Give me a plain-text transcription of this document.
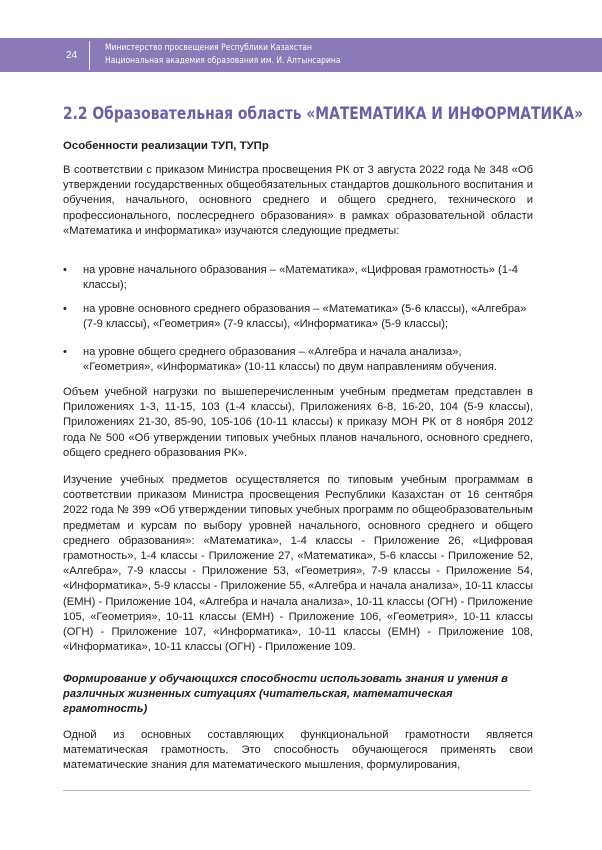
24
Министерство просвещения Республики Казахстан
Национальная академия образования им. И. Алтынсарина
2.2 Образовательная область «МАТЕМАТИКА И ИНФОРМАТИКА»
Особенности реализации ТУП, ТУПр

В соответствии с приказом Министра просвещения РК от 3 августа 2022 года № 348 «Об утверждении государственных общеобязательных стандартов дошкольного воспитания и обучения, начального, основного среднего и общего среднего, технического и профессионального, послесреднего образования» в рамках образовательной области «Математика и информатика» изучаются следующие предметы:

•	на уровне начального образования – «Математика», «Цифровая грамотность» (1-4 классы);

•	на уровне основного среднего образования – «Математика» (5-6 классы), «Алгебра» (7-9 классы), «Геометрия» (7-9 классы), «Информатика» (5-9 классы);

•	на уровне общего среднего образования – «Алгебра и начала анализа», «Геометрия», «Информатика» (10-11 классы) по двум направлениям обучения.

Объем учебной нагрузки по вышеперечисленным учебным предметам представлен в Приложениях 1-3, 11-15, 103 (1-4 классы), Приложениях 6-8, 16-20, 104 (5-9 классы), Приложениях 21-30, 85-90, 105-106 (10-11 классы) к приказу МОН РК от 8 ноября 2012 года № 500 «Об утверждении типовых учебных планов начального, основного среднего, общего среднего образования РК».

Изучение учебных предметов осуществляется по типовым учебным программам в соответствии приказом Министра просвещения Республики Казахстан от 16 сентября 2022 года № 399 «Об утверждении типовых учебных программ по общеобразовательным предметам и курсам по выбору уровней начального, основного среднего и общего среднего образования»: «Математика», 1-4 классы - Приложение 26, «Цифровая грамотность», 1-4 классы - Приложение 27, «Математика», 5-6 классы - Приложение 52, «Алгебра», 7-9 классы - Приложение 53, «Геометрия», 7-9 классы - Приложение 54, «Информатика», 5-9 классы - Приложение 55, «Алгебра и начала анализа», 10-11 классы (ЕМН) - Приложение 104, «Алгебра и начала анализа», 10-11 классы (ОГН) - Приложение 105, «Геометрия», 10-11 классы (ЕМН) - Приложение 106, «Геометрия», 10-11 классы (ОГН) - Приложение 107, «Информатика», 10-11 классы (ЕМН) - Приложение 108, «Информатика», 10-11 классы (ОГН) - Приложение 109.

Формирование у обучающихся способности использовать знания и умения в различных жизненных ситуациях (читательская, математическая грамотность)

Одной из основных составляющих функциональной грамотности является математическая грамотность. Это способность обучающегося применять свои математические знания для математического мышления, формулирования,
